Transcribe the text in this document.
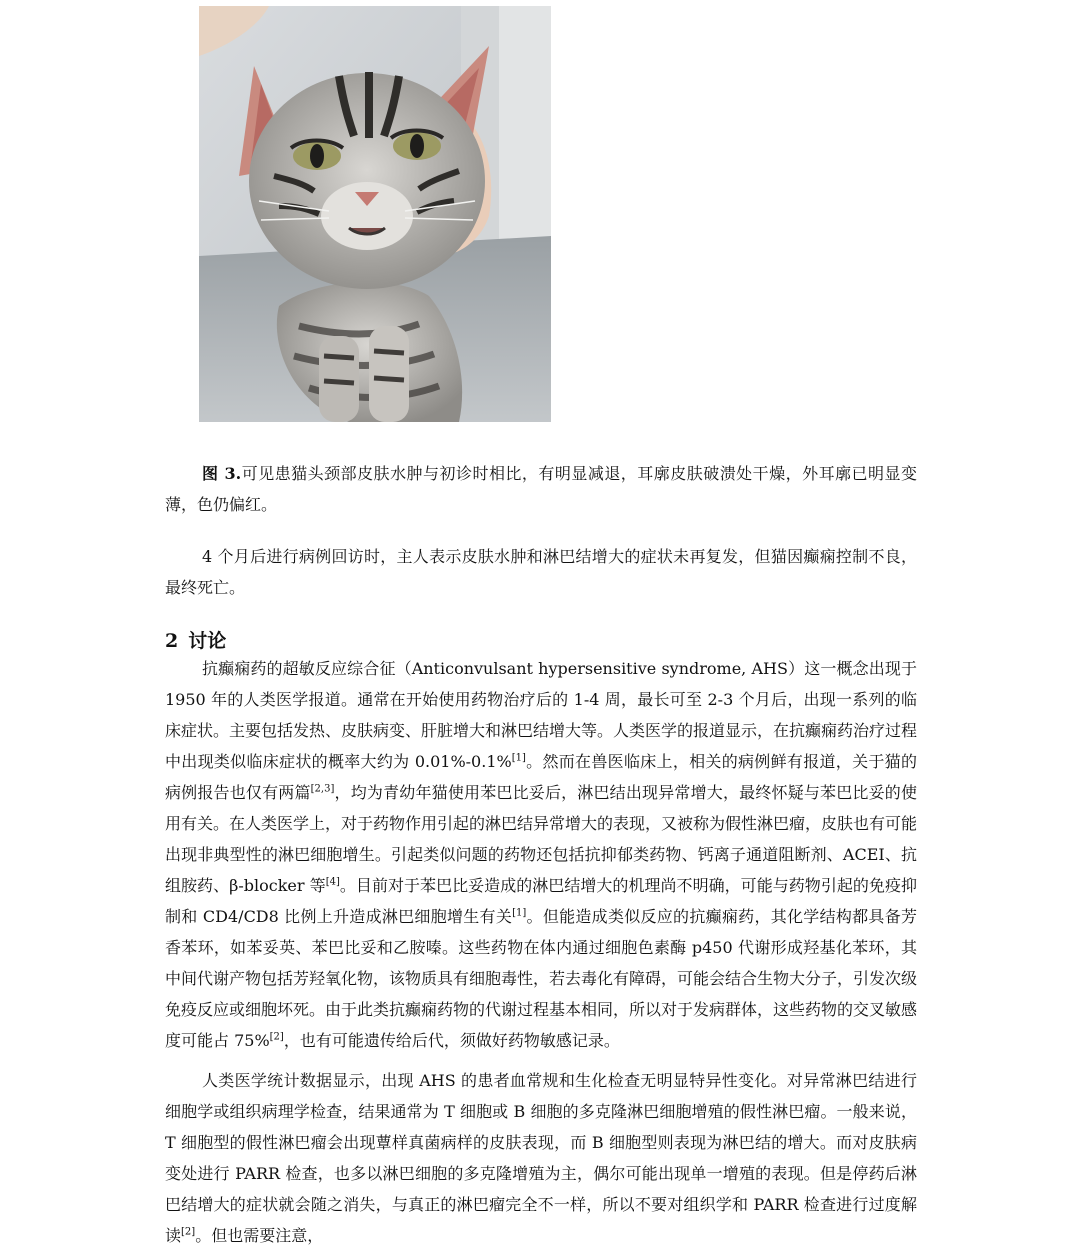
图 3.可见患猫头颈部皮肤水肿与初诊时相比，有明显减退，耳廓皮肤破溃处干燥，外耳廓已明显变薄，色仍偏红。

4 个月后进行病例回访时，主人表示皮肤水肿和淋巴结增大的症状未再复发，但猫因癫痫控制不良，最终死亡。

2 讨论

抗癫痫药的超敏反应综合征（Anticonvulsant hypersensitive syndrome, AHS）这一概念出现于 1950 年的人类医学报道。通常在开始使用药物治疗后的 1-4 周，最长可至 2-3 个月后，出现一系列的临床症状。主要包括发热、皮肤病变、肝脏增大和淋巴结增大等。人类医学的报道显示，在抗癫痫药治疗过程中出现类似临床症状的概率大约为 0.01%-0.1%[1]。然而在兽医临床上，相关的病例鲜有报道，关于猫的病例报告也仅有两篇[2,3]，均为青幼年猫使用苯巴比妥后，淋巴结出现异常增大，最终怀疑与苯巴比妥的使用有关。在人类医学上，对于药物作用引起的淋巴结异常增大的表现，又被称为假性淋巴瘤，皮肤也有可能出现非典型性的淋巴细胞增生。引起类似问题的药物还包括抗抑郁类药物、钙离子通道阻断剂、ACEI、抗组胺药、β-blocker 等[4]。目前对于苯巴比妥造成的淋巴结增大的机理尚不明确，可能与药物引起的免疫抑制和 CD4/CD8 比例上升造成淋巴细胞增生有关[1]。但能造成类似反应的抗癫痫药，其化学结构都具备芳香苯环，如苯妥英、苯巴比妥和乙胺嗪。这些药物在体内通过细胞色素酶 p450 代谢形成羟基化苯环，其中间代谢产物包括芳羟氧化物，该物质具有细胞毒性，若去毒化有障碍，可能会结合生物大分子，引发次级免疫反应或细胞坏死。由于此类抗癫痫药物的代谢过程基本相同，所以对于发病群体，这些药物的交叉敏感度可能占 75%[2]，也有可能遗传给后代，须做好药物敏感记录。

人类医学统计数据显示，出现 AHS 的患者血常规和生化检查无明显特异性变化。对异常淋巴结进行细胞学或组织病理学检查，结果通常为 T 细胞或 B 细胞的多克隆淋巴细胞增殖的假性淋巴瘤。一般来说，T 细胞型的假性淋巴瘤会出现蕈样真菌病样的皮肤表现，而 B 细胞型则表现为淋巴结的增大。而对皮肤病变处进行 PARR 检查，也多以淋巴细胞的多克隆增殖为主，偶尔可能出现单一增殖的表现。但是停药后淋巴结增大的症状就会随之消失，与真正的淋巴瘤完全不一样，所以不要对组织学和 PARR 检查进行过度解读[2]。但也需要注意，
